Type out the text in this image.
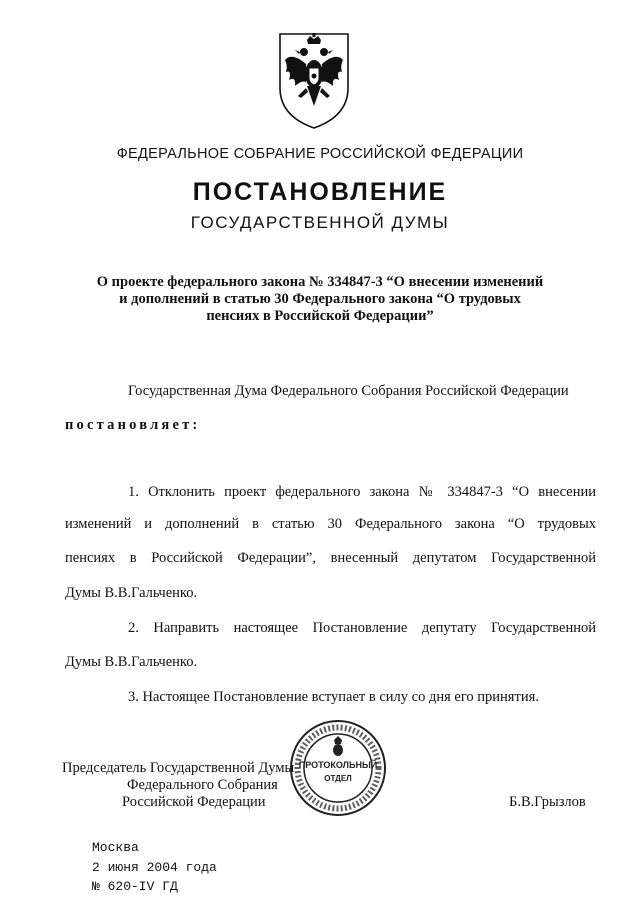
ФЕДЕРАЛЬНОЕ СОБРАНИЕ РОССИЙСКОЙ ФЕДЕРАЦИИ
ПОСТАНОВЛЕНИЕ
ГОСУДАРСТВЕННОЙ ДУМЫ
О проекте федерального закона № 334847-3 “О внесении изменений
и дополнений в статью 30 Федерального закона “О трудовых
пенсиях в Российской Федерации”
Государственная Дума Федерального Собрания Российской Федерации
постановляет:
1. Отклонить проект федерального закона № 334847-3 “О внесении
изменений и дополнений в статью 30 Федерального закона “О трудовых
пенсиях в Российской Федерации”, внесенный депутатом Государственной
Думы В.В.Гальченко.
2. Направить настоящее Постановление депутату Государственной
Думы В.В.Гальченко.
3. Настоящее Постановление вступает в силу со дня его принятия.
Председатель Государственной Думы
Федерального Собрания
Российской Федерации	Б.В.Грызлов
ПРОТОКОЛЬНЫЙ
ОТДЕЛ
Москва
2 июня 2004 года
№ 620-IV ГД
